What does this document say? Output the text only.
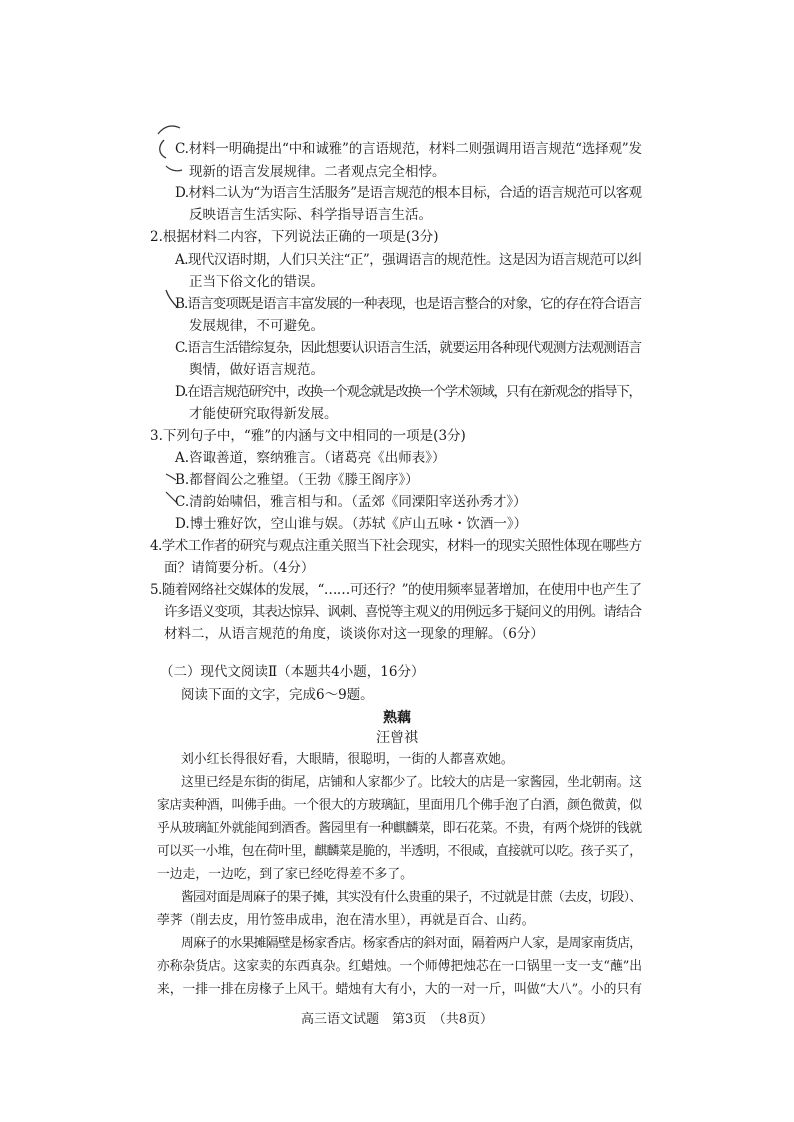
C.材料一明确提出“中和诚雅”的言语规范，材料二则强调用语言规范“选择观”发
现新的语言发展规律。二者观点完全相悖。
D.材料二认为“为语言生活服务”是语言规范的根本目标，合适的语言规范可以客观
反映语言生活实际、科学指导语言生活。
2.根据材料二内容，下列说法正确的一项是(3分)
A.现代汉语时期，人们只关注“正”，强调语言的规范性。这是因为语言规范可以纠
正当下俗文化的错误。
B.语言变项既是语言丰富发展的一种表现，也是语言整合的对象，它的存在符合语言
发展规律，不可避免。
C.语言生活错综复杂，因此想要认识语言生活，就要运用各种现代观测方法观测语言
舆情，做好语言规范。
D.在语言规范研究中，改换一个观念就是改换一个学术领域，只有在新观念的指导下，
才能使研究取得新发展。
3.下列句子中，“雅”的内涵与文中相同的一项是(3分)
A.咨诹善道，察纳雅言。（诸葛亮《出师表》）
B.都督阎公之雅望。（王勃《滕王阁序》）
C.清韵始啸侣，雅言相与和。（孟郊《同溧阳宰送孙秀才》）
D.博士雅好饮，空山谁与娱。（苏轼《庐山五咏・饮酒一》）
4.学术工作者的研究与观点注重关照当下社会现实，材料一的现实关照性体现在哪些方
面？请简要分析。（4分）
5.随着网络社交媒体的发展，“……可还行？”的使用频率显著增加，在使用中也产生了
许多语义变项，其表达惊异、讽刺、喜悦等主观义的用例远多于疑问义的用例。请结合
材料二，从语言规范的角度，谈谈你对这一现象的理解。（6分）
（二）现代文阅读Ⅱ（本题共4小题，16分）
阅读下面的文字，完成6～9题。
熟藕
汪曾祺
刘小红长得很好看，大眼睛，很聪明，一街的人都喜欢她。
这里已经是东街的街尾，店铺和人家都少了。比较大的店是一家酱园，坐北朝南。这
家店卖种酒，叫佛手曲。一个很大的方玻璃缸，里面用几个佛手泡了白酒，颜色微黄，似
乎从玻璃缸外就能闻到酒香。酱园里有一种麒麟菜，即石花菜。不贵，有两个烧饼的钱就
可以买一小堆，包在荷叶里，麒麟菜是脆的，半透明，不很咸，直接就可以吃。孩子买了，
一边走，一边吃，到了家已经吃得差不多了。
酱园对面是周麻子的果子摊，其实没有什么贵重的果子，不过就是甘蔗（去皮，切段）、
荸荠（削去皮，用竹签串成串，泡在清水里），再就是百合、山药。
周麻子的水果摊隔壁是杨家香店。杨家香店的斜对面，隔着两户人家，是周家南货店，
亦称杂货店。这家卖的东西真杂。红蜡烛。一个师傅把烛芯在一口锅里一支一支“蘸”出
来，一排一排在房椽子上风干。蜡烛有大有小，大的一对一斤，叫做“大八”。小的只有
高三语文试题　第3页　（共8页）
